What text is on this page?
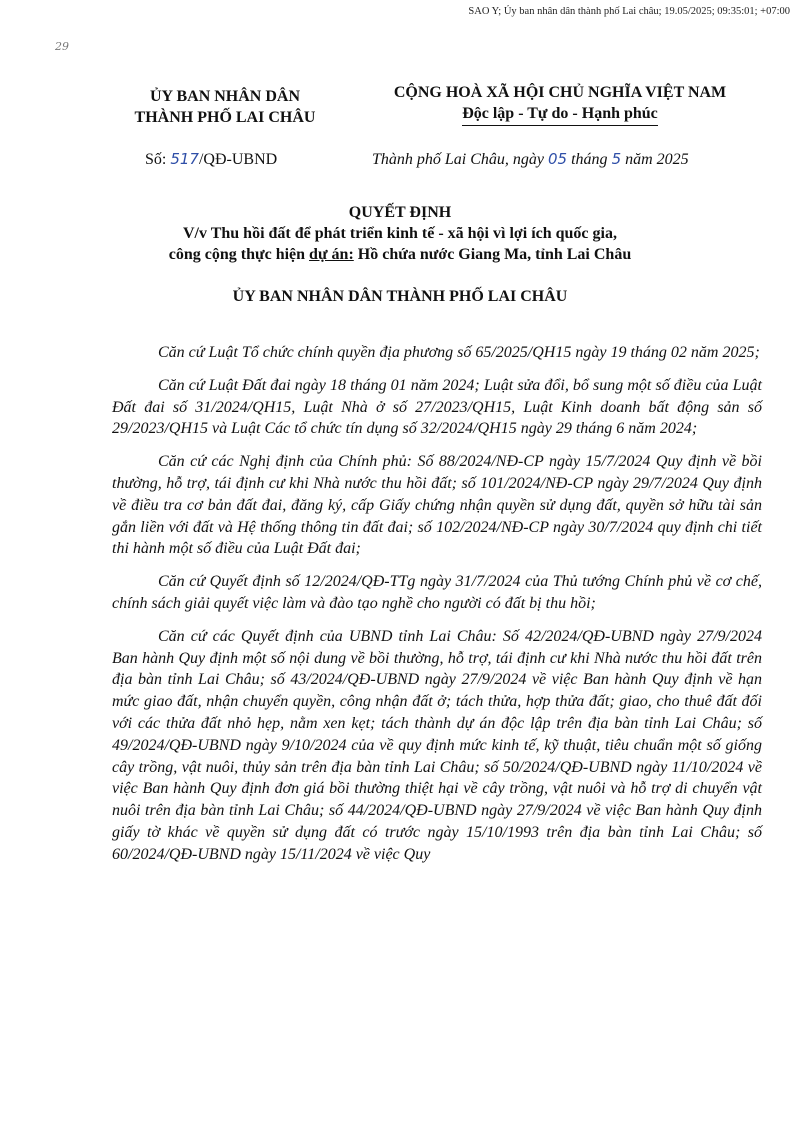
SAO Y; Ủy ban nhân dân thành phố Lai châu; 19.05/2025; 09:35:01; +07:00
29
ỦY BAN NHÂN DÂN
THÀNH PHỐ LAI CHÂU
CỘNG HOÀ XÃ HỘI CHỦ NGHĨA VIỆT NAM
Độc lập - Tự do - Hạnh phúc
Số: 517/QĐ-UBND	Thành phố Lai Châu, ngày 05 tháng 5 năm 2025
QUYẾT ĐỊNH
V/v Thu hồi đất để phát triển kinh tế - xã hội vì lợi ích quốc gia,
công cộng thực hiện dự án: Hồ chứa nước Giang Ma, tỉnh Lai Châu
ỦY BAN NHÂN DÂN THÀNH PHỐ LAI CHÂU

Căn cứ Luật Tổ chức chính quyền địa phương số 65/2025/QH15 ngày 19 tháng 02 năm 2025;

Căn cứ Luật Đất đai ngày 18 tháng 01 năm 2024; Luật sửa đổi, bổ sung một số điều của Luật Đất đai số 31/2024/QH15, Luật Nhà ở số 27/2023/QH15, Luật Kinh doanh bất động sản số 29/2023/QH15 và Luật Các tổ chức tín dụng số 32/2024/QH15 ngày 29 tháng 6 năm 2024;

Căn cứ các Nghị định của Chính phủ: Số 88/2024/NĐ-CP ngày 15/7/2024 Quy định về bồi thường, hỗ trợ, tái định cư khi Nhà nước thu hồi đất; số 101/2024/NĐ-CP ngày 29/7/2024 Quy định về điều tra cơ bản đất đai, đăng ký, cấp Giấy chứng nhận quyền sử dụng đất, quyền sở hữu tài sản gắn liền với đất và Hệ thống thông tin đất đai; số 102/2024/NĐ-CP ngày 30/7/2024 quy định chi tiết thi hành một số điều của Luật Đất đai;

Căn cứ Quyết định số 12/2024/QĐ-TTg ngày 31/7/2024 của Thủ tướng Chính phủ về cơ chế, chính sách giải quyết việc làm và đào tạo nghề cho người có đất bị thu hồi;

Căn cứ các Quyết định của UBND tỉnh Lai Châu: Số 42/2024/QĐ-UBND ngày 27/9/2024 Ban hành Quy định một số nội dung về bồi thường, hỗ trợ, tái định cư khi Nhà nước thu hồi đất trên địa bàn tỉnh Lai Châu; số 43/2024/QĐ-UBND ngày 27/9/2024 về việc Ban hành Quy định về hạn mức giao đất, nhận chuyển quyền, công nhận đất ở; tách thửa, hợp thửa đất; giao, cho thuê đất đối với các thửa đất nhỏ hẹp, nằm xen kẹt; tách thành dự án độc lập trên địa bàn tỉnh Lai Châu; số 49/2024/QĐ-UBND ngày 9/10/2024 của về quy định mức kinh tế, kỹ thuật, tiêu chuẩn một số giống cây trồng, vật nuôi, thủy sản trên địa bàn tỉnh Lai Châu; số 50/2024/QĐ-UBND ngày 11/10/2024 về việc Ban hành Quy định đơn giá bồi thường thiệt hại về cây trồng, vật nuôi và hỗ trợ di chuyển vật nuôi trên địa bàn tỉnh Lai Châu; số 44/2024/QĐ-UBND ngày 27/9/2024 về việc Ban hành Quy định giấy tờ khác về quyền sử dụng đất có trước ngày 15/10/1993 trên địa bàn tỉnh Lai Châu; số 60/2024/QĐ-UBND ngày 15/11/2024 về việc Quy
